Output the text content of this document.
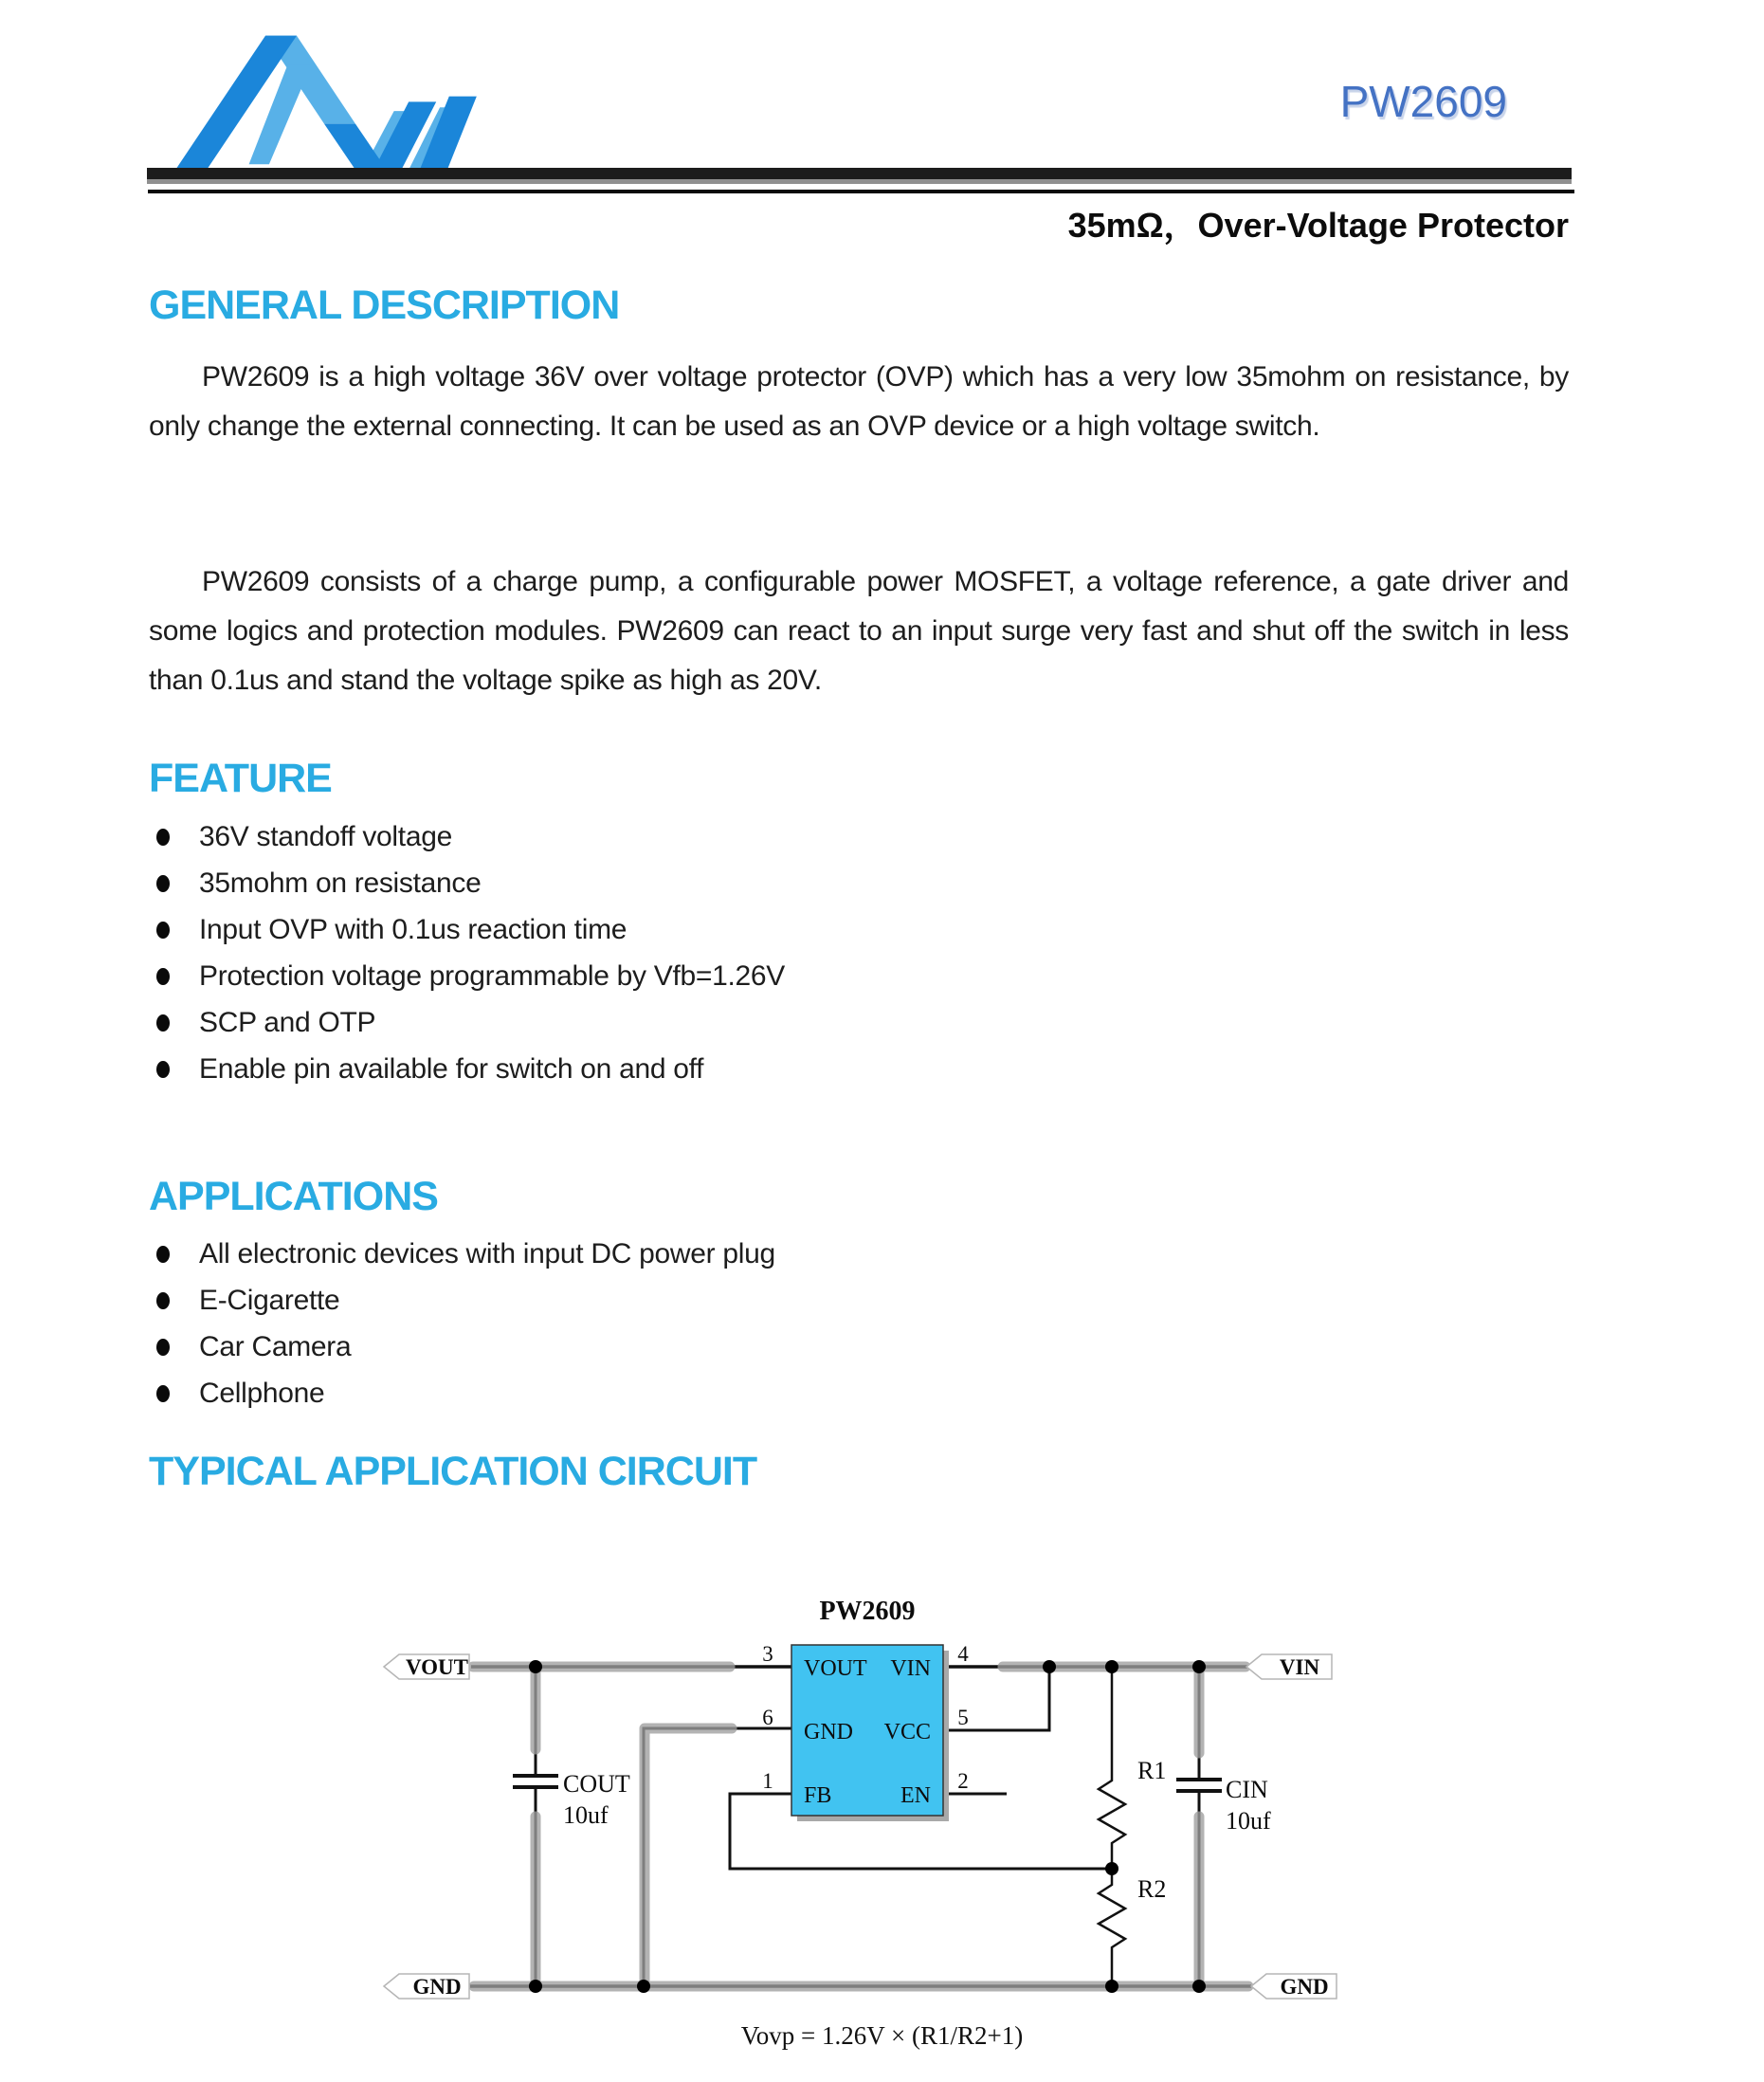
PW2609
35mΩ，Over-Voltage Protector
GENERAL DESCRIPTION

PW2609 is a high voltage 36V over voltage protector (OVP) which has a very low 35mohm on resistance, by only change the external connecting. It can be used as an OVP device or a high voltage switch.

PW2609 consists of a charge pump, a configurable power MOSFET, a voltage reference, a gate driver and some logics and protection modules. PW2609 can react to an input surge very fast and shut off the switch in less than 0.1us and stand the voltage spike as high as 20V.

FEATURE
36V standoff voltage
35mohm on resistance
Input OVP with 0.1us reaction time
Protection voltage programmable by Vfb=1.26V
SCP and OTP
Enable pin available for switch on and off
APPLICATIONS
All electronic devices with input DC power plug
E-Cigarette
Car Camera
Cellphone
TYPICAL APPLICATION CIRCUIT
PW2609
VOUT
GND
FB
VIN
VCC
EN
3
6
1
4
5
2
VOUT	VIN
GND	GND
COUT
10uf
CIN
10uf
R1
R2
Vovp = 1.26V × (R1/R2+1)
